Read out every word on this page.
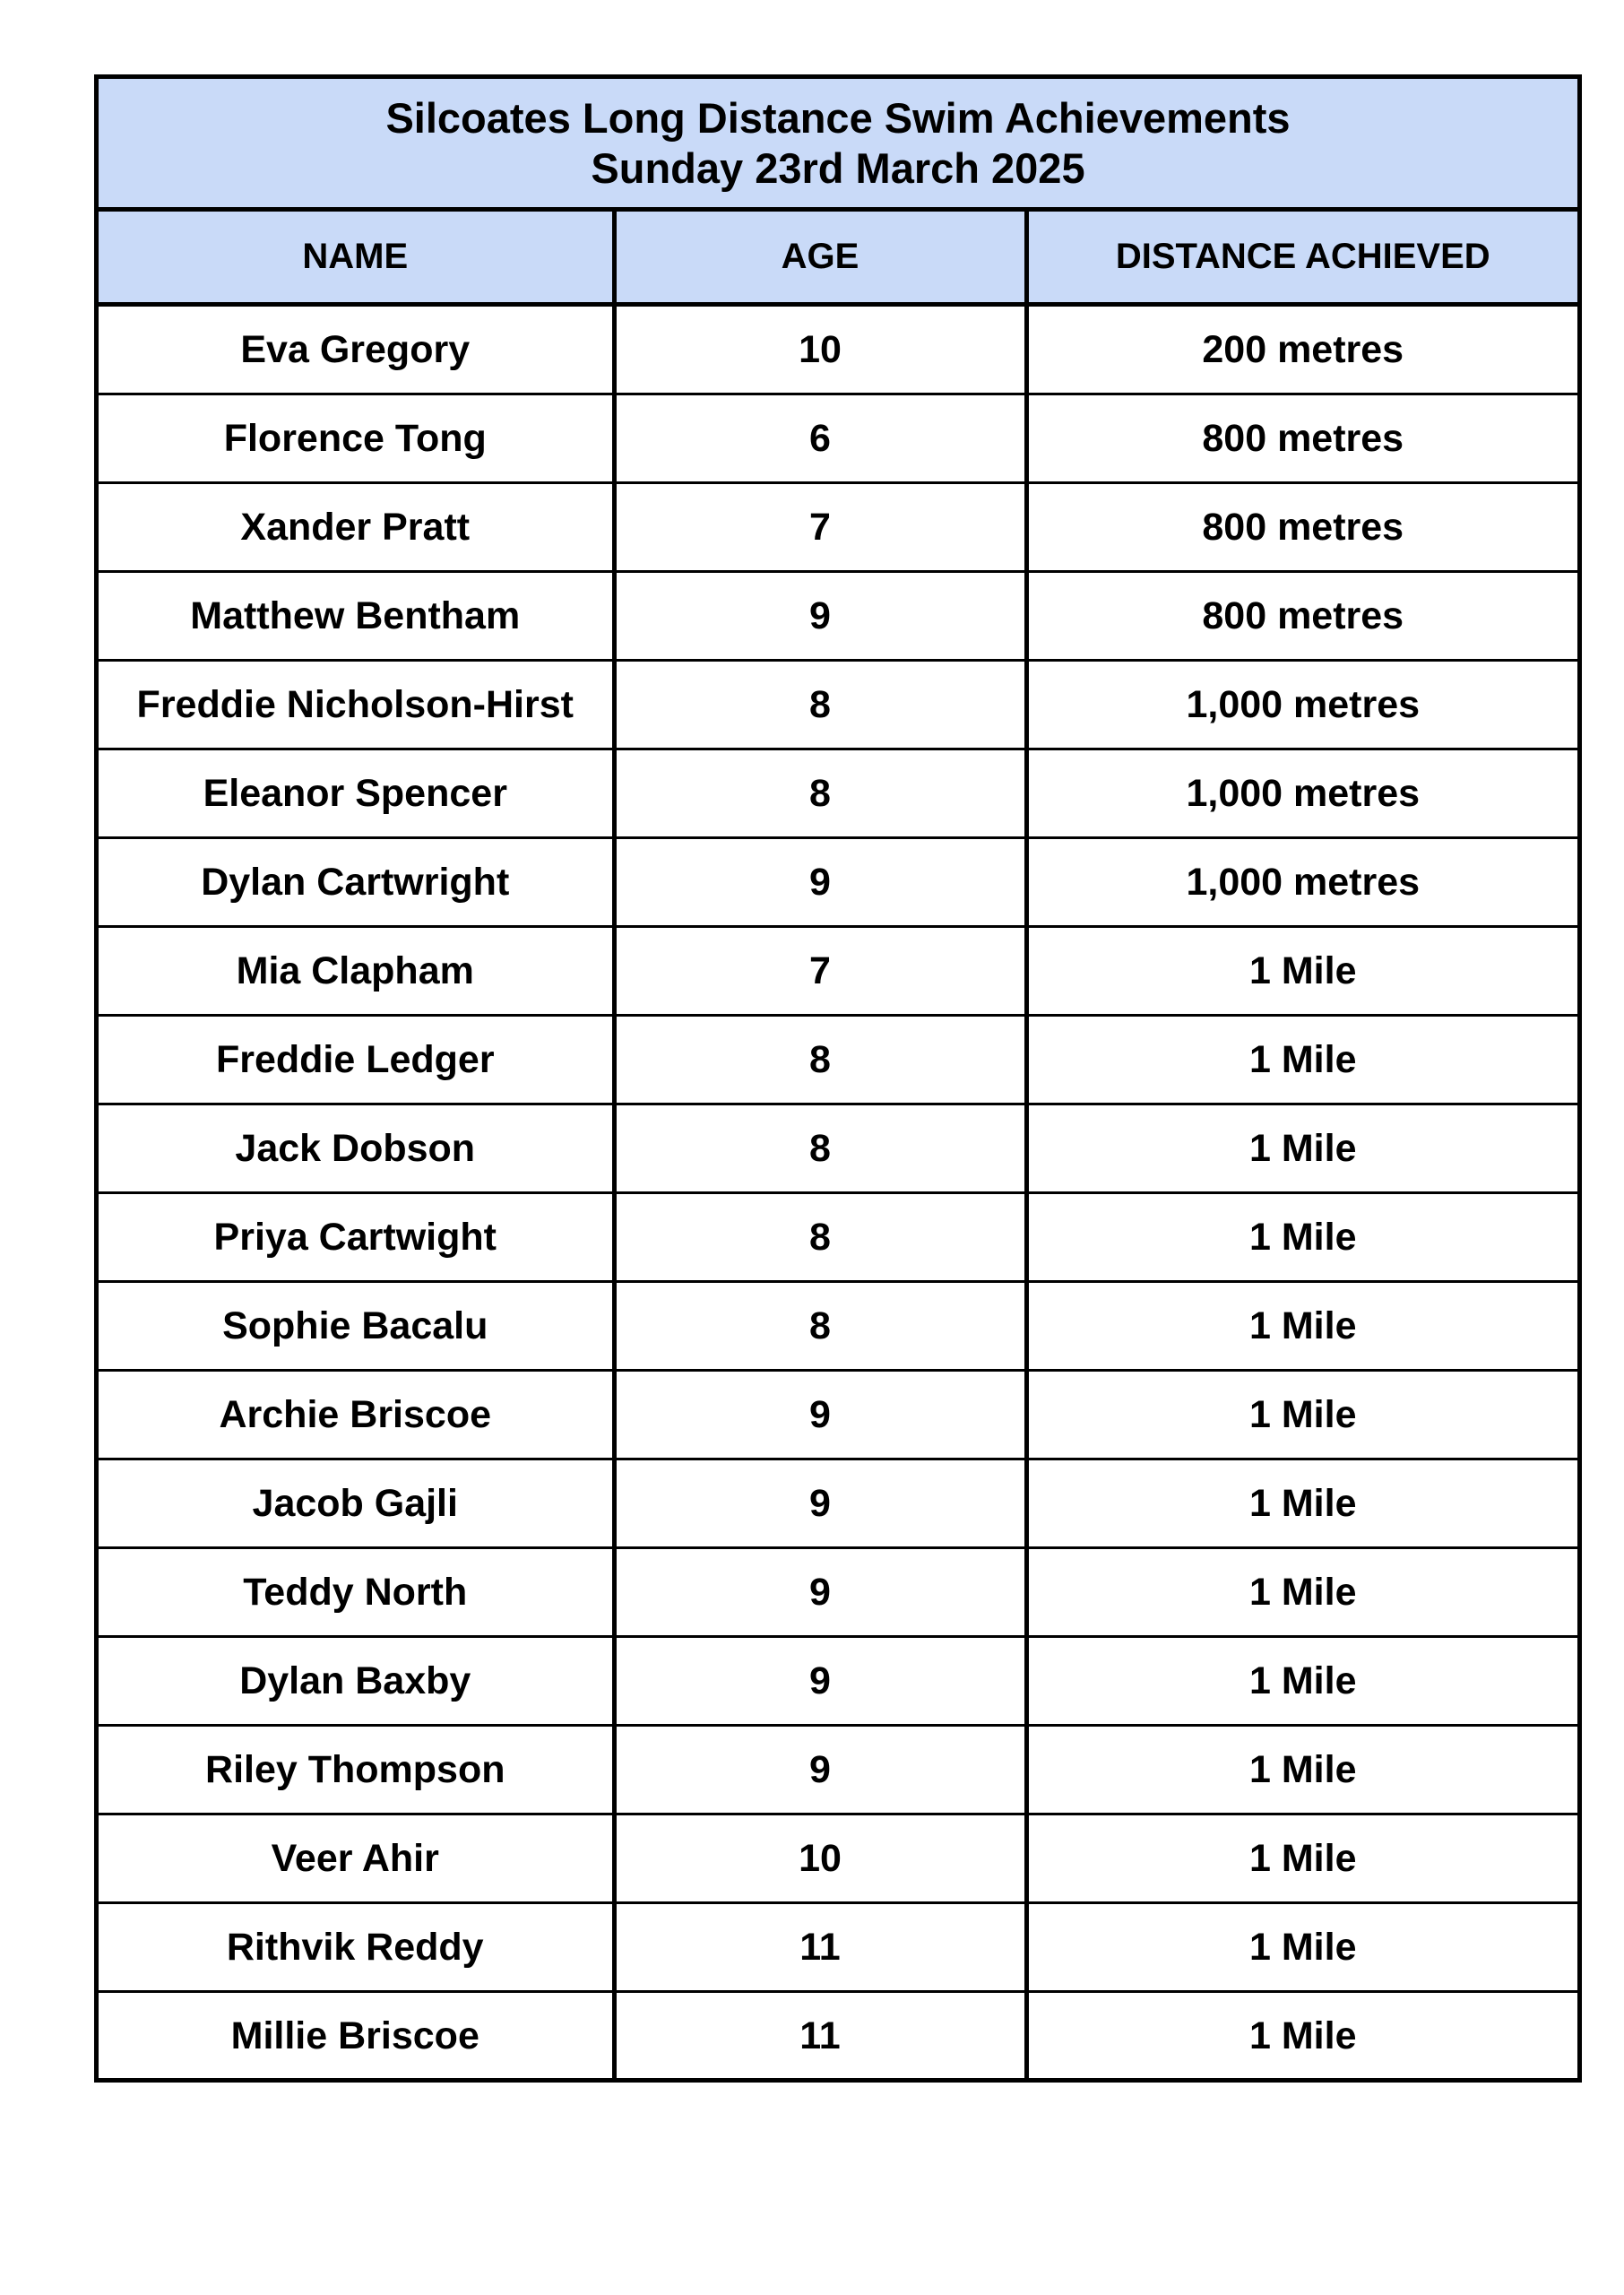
Silcoates Long Distance Swim Achievements
Sunday 23rd March 2025		

NAME	AGE	DISTANCE ACHIEVED
Eva Gregory	10	200 metres
Florence Tong	6	800 metres
Xander Pratt	7	800 metres
Matthew Bentham	9	800 metres
Freddie Nicholson-Hirst	8	1,000 metres
Eleanor Spencer	8	1,000 metres
Dylan Cartwright	9	1,000 metres
Mia Clapham	7	1 Mile
Freddie Ledger	8	1 Mile
Jack Dobson	8	1 Mile
Priya Cartwight	8	1 Mile
Sophie Bacalu	8	1 Mile
Archie Briscoe	9	1 Mile
Jacob Gajli	9	1 Mile
Teddy North	9	1 Mile
Dylan Baxby	9	1 Mile
Riley Thompson	9	1 Mile
Veer Ahir	10	1 Mile
Rithvik Reddy	11	1 Mile
Millie Briscoe	11	1 Mile
